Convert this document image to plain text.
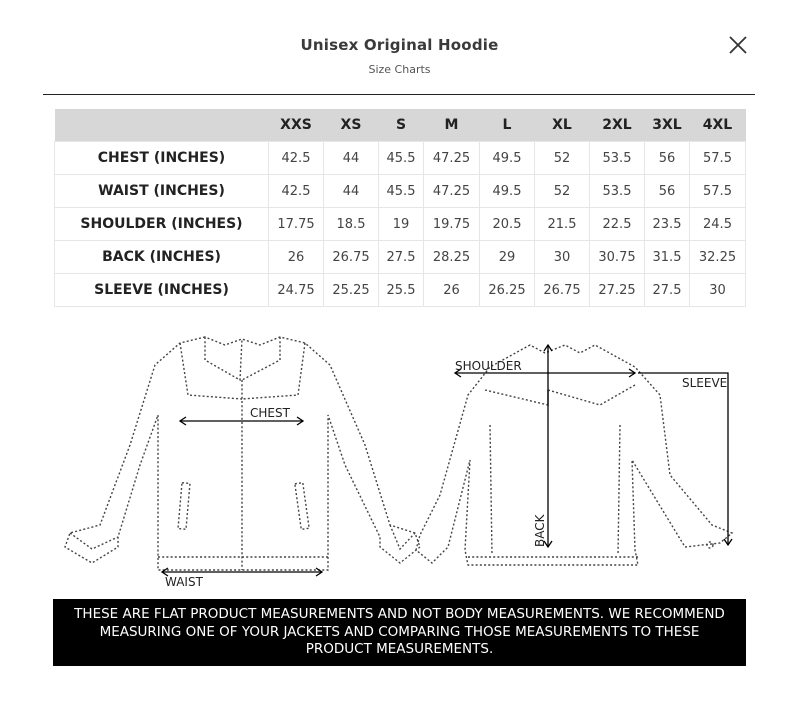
Unisex Original Hoodie
Size Charts
	XXS	XS	S	M	L	XL	2XL	3XL	4XL
CHEST (INCHES)	42.5	44	45.5	47.25	49.5	52	53.5	56	57.5
WAIST (INCHES)	42.5	44	45.5	47.25	49.5	52	53.5	56	57.5
SHOULDER (INCHES)	17.75	18.5	19	19.75	20.5	21.5	22.5	23.5	24.5
BACK (INCHES)	26	26.75	27.5	28.25	29	30	30.75	31.5	32.25
SLEEVE (INCHES)	24.75	25.25	25.5	26	26.25	26.75	27.25	27.5	30
CHEST
WAIST
SHOULDER
SLEEVE
BACK
THESE ARE FLAT PRODUCT MEASUREMENTS AND NOT BODY MEASUREMENTS. WE RECOMMEND MEASURING ONE OF YOUR JACKETS AND COMPARING THOSE MEASUREMENTS TO THESE PRODUCT MEASUREMENTS.
